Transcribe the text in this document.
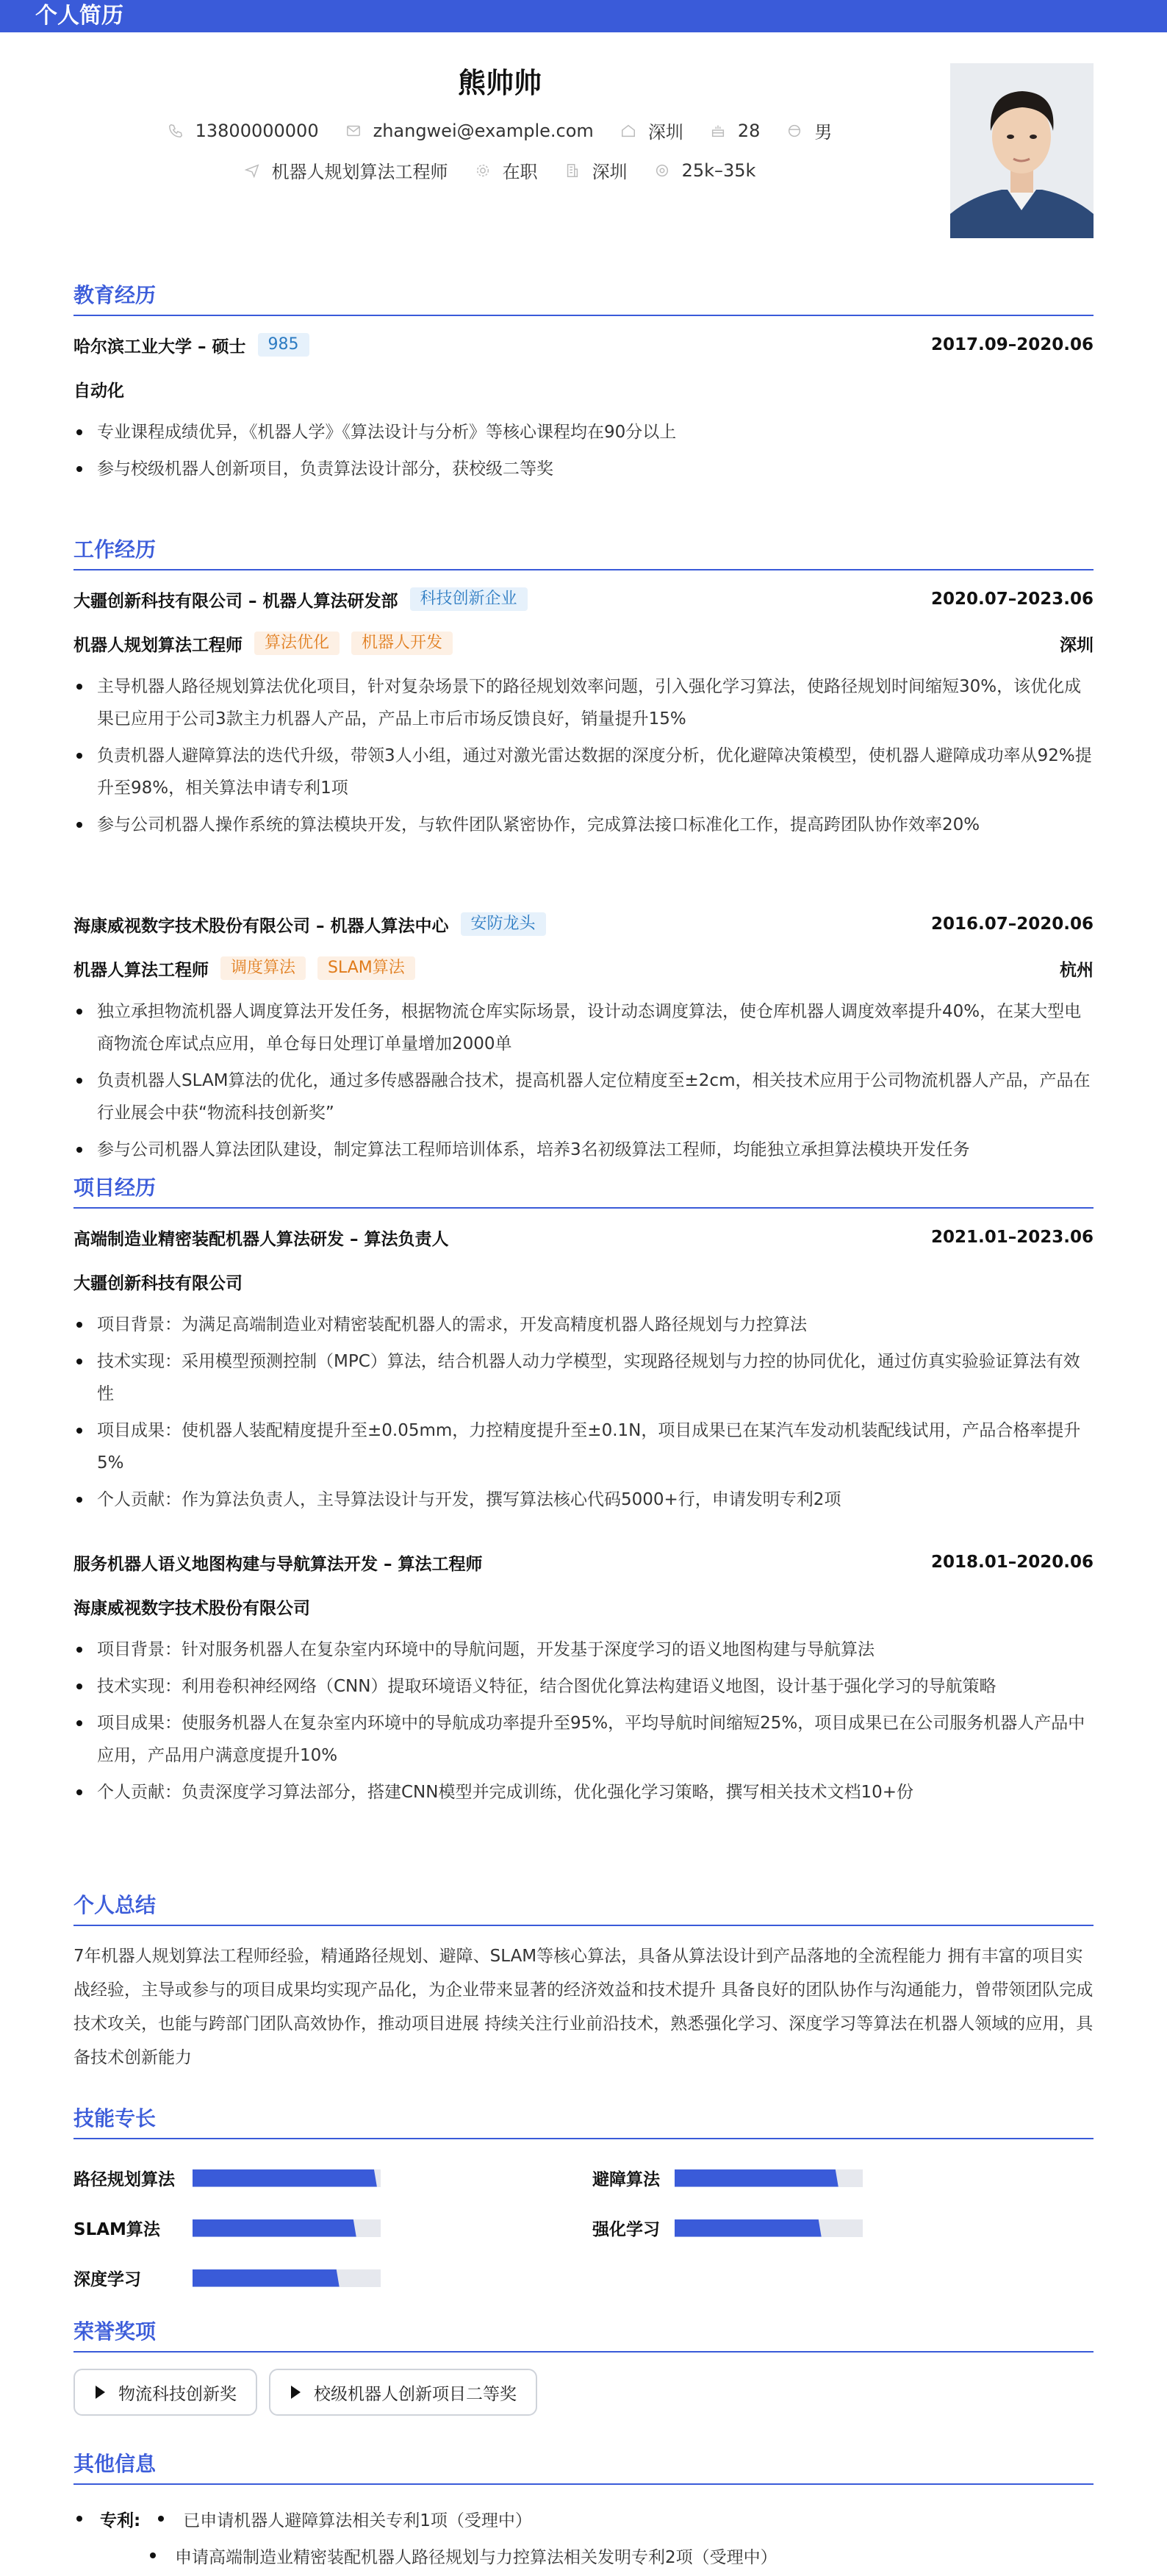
个人简历
熊帅帅
13800000000	zhangwei@example.com	深圳	28	男
机器人规划算法工程师	在职	深圳	25k–35k
教育经历
哈尔滨工业大学 – 硕士	985	2017.09–2020.06
自动化
专业课程成绩优异，《机器人学》《算法设计与分析》等核心课程均在90分以上
参与校级机器人创新项目，负责算法设计部分，获校级二等奖
工作经历
大疆创新科技有限公司 – 机器人算法研发部	科技创新企业	2020.07–2023.06
机器人规划算法工程师	算法优化	机器人开发	深圳
主导机器人路径规划算法优化项目，针对复杂场景下的路径规划效率问题，引入强化学习算法，使路径规划时间缩短30%，该优化成果已应用于公司3款主力机器人产品，产品上市后市场反馈良好，销量提升15%
负责机器人避障算法的迭代升级，带领3人小组，通过对激光雷达数据的深度分析，优化避障决策模型，使机器人避障成功率从92%提升至98%，相关算法申请专利1项
参与公司机器人操作系统的算法模块开发，与软件团队紧密协作，完成算法接口标准化工作，提高跨团队协作效率20%
海康威视数字技术股份有限公司 – 机器人算法中心	安防龙头	2016.07–2020.06
机器人算法工程师	调度算法	SLAM算法	杭州
独立承担物流机器人调度算法开发任务，根据物流仓库实际场景，设计动态调度算法，使仓库机器人调度效率提升40%，在某大型电商物流仓库试点应用，单仓每日处理订单量增加2000单
负责机器人SLAM算法的优化，通过多传感器融合技术，提高机器人定位精度至±2cm，相关技术应用于公司物流机器人产品，产品在行业展会中获“物流科技创新奖”
参与公司机器人算法团队建设，制定算法工程师培训体系，培养3名初级算法工程师，均能独立承担算法模块开发任务
项目经历
高端制造业精密装配机器人算法研发 – 算法负责人	2021.01–2023.06
大疆创新科技有限公司
项目背景：为满足高端制造业对精密装配机器人的需求，开发高精度机器人路径规划与力控算法
技术实现：采用模型预测控制（MPC）算法，结合机器人动力学模型，实现路径规划与力控的协同优化，通过仿真实验验证算法有效性
项目成果：使机器人装配精度提升至±0.05mm，力控精度提升至±0.1N，项目成果已在某汽车发动机装配线试用，产品合格率提升5%
个人贡献：作为算法负责人，主导算法设计与开发，撰写算法核心代码5000+行，申请发明专利2项
服务机器人语义地图构建与导航算法开发 – 算法工程师	2018.01–2020.06
海康威视数字技术股份有限公司
项目背景：针对服务机器人在复杂室内环境中的导航问题，开发基于深度学习的语义地图构建与导航算法
技术实现：利用卷积神经网络（CNN）提取环境语义特征，结合图优化算法构建语义地图，设计基于强化学习的导航策略
项目成果：使服务机器人在复杂室内环境中的导航成功率提升至95%，平均导航时间缩短25%，项目成果已在公司服务机器人产品中应用，产品用户满意度提升10%
个人贡献：负责深度学习算法部分，搭建CNN模型并完成训练，优化强化学习策略，撰写相关技术文档10+份
个人总结
7年机器人规划算法工程师经验，精通路径规划、避障、SLAM等核心算法，具备从算法设计到产品落地的全流程能力 拥有丰富的项目实战经验，主导或参与的项目成果均实现产品化，为企业带来显著的经济效益和技术提升 具备良好的团队协作与沟通能力，曾带领团队完成技术攻关，也能与跨部门团队高效协作，推动项目进展 持续关注行业前沿技术，熟悉强化学习、深度学习等算法在机器人领域的应用，具备技术创新能力
技能专长
路径规划算法	避障算法
SLAM算法	强化学习
深度学习
荣誉奖项
物流科技创新奖	校级机器人创新项目二等奖
其他信息
专利:	已申请机器人避障算法相关专利1项（受理中）
申请高端制造业精密装配机器人路径规划与力控算法相关发明专利2项（受理中）
